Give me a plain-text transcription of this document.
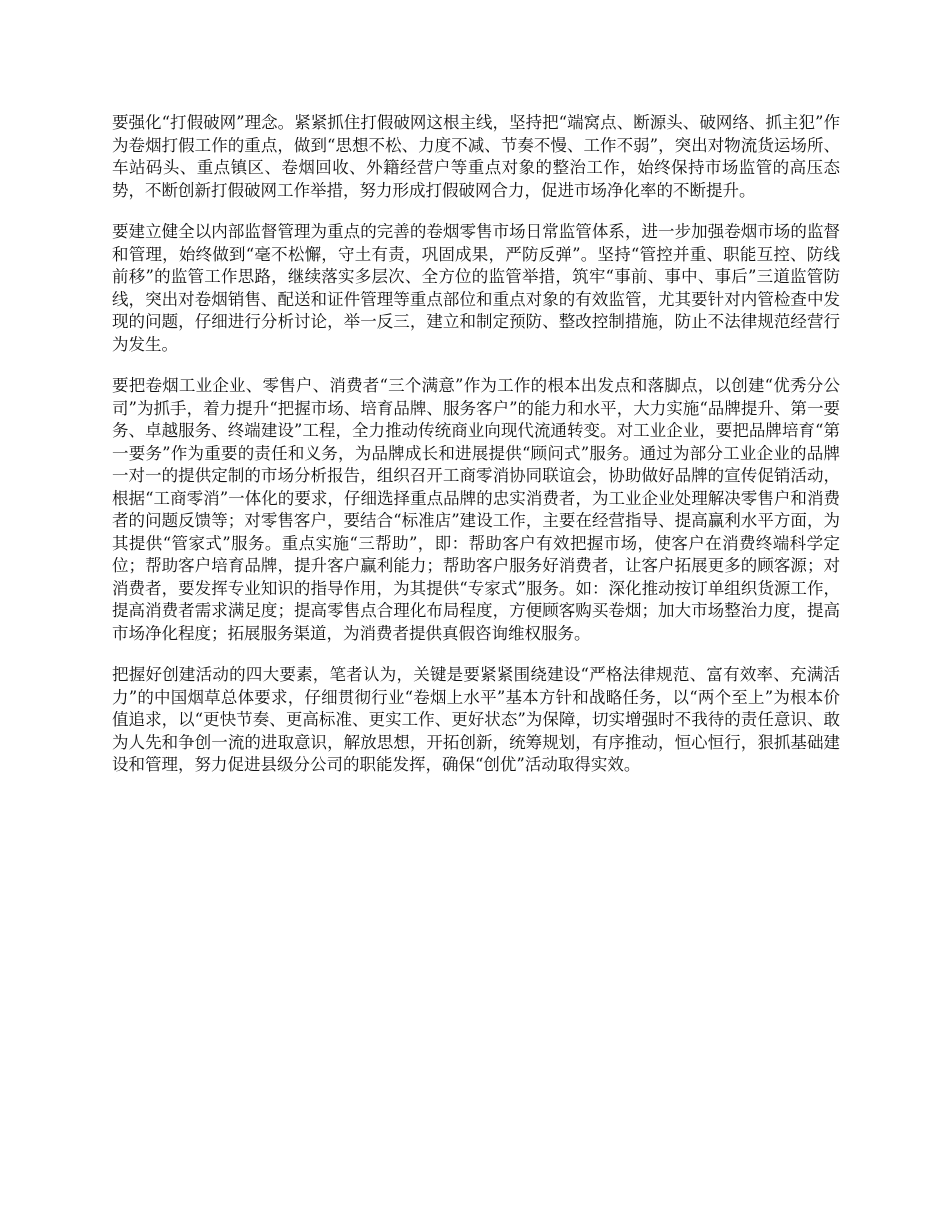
要强化“打假破网”理念。紧紧抓住打假破网这根主线，坚持把“端窝点、断源头、破网络、抓主犯”作为卷烟打假工作的重点，做到“思想不松、力度不减、节奏不慢、工作不弱”，突出对物流货运场所、车站码头、重点镇区、卷烟回收、外籍经营户等重点对象的整治工作，始终保持市场监管的高压态势，不断创新打假破网工作举措，努力形成打假破网合力，促进市场净化率的不断提升。

要建立健全以内部监督管理为重点的完善的卷烟零售市场日常监管体系，进一步加强卷烟市场的监督和管理，始终做到“毫不松懈，守土有责，巩固成果，严防反弹”。坚持“管控并重、职能互控、防线前移”的监管工作思路，继续落实多层次、全方位的监管举措，筑牢“事前、事中、事后”三道监管防线，突出对卷烟销售、配送和证件管理等重点部位和重点对象的有效监管，尤其要针对内管检查中发现的问题，仔细进行分析讨论，举一反三，建立和制定预防、整改控制措施，防止不法律规范经营行为发生。

要把卷烟工业企业、零售户、消费者“三个满意”作为工作的根本出发点和落脚点，以创建“优秀分公司”为抓手，着力提升“把握市场、培育品牌、服务客户”的能力和水平，大力实施“品牌提升、第一要务、卓越服务、终端建设”工程，全力推动传统商业向现代流通转变。对工业企业，要把品牌培育“第一要务”作为重要的责任和义务，为品牌成长和进展提供“顾问式”服务。通过为部分工业企业的品牌一对一的提供定制的市场分析报告，组织召开工商零消协同联谊会，协助做好品牌的宣传促销活动，根据“工商零消”一体化的要求，仔细选择重点品牌的忠实消费者，为工业企业处理解决零售户和消费者的问题反馈等；对零售客户，要结合“标准店”建设工作，主要在经营指导、提高赢利水平方面，为其提供“管家式”服务。重点实施“三帮助”，即：帮助客户有效把握市场，使客户在消费终端科学定位；帮助客户培育品牌，提升客户赢利能力；帮助客户服务好消费者，让客户拓展更多的顾客源；对消费者，要发挥专业知识的指导作用，为其提供“专家式”服务。如：深化推动按订单组织货源工作，提高消费者需求满足度；提高零售点合理化布局程度，方便顾客购买卷烟；加大市场整治力度，提高市场净化程度；拓展服务渠道，为消费者提供真假咨询维权服务。

把握好创建活动的四大要素，笔者认为，关键是要紧紧围绕建设“严格法律规范、富有效率、充满活力”的中国烟草总体要求，仔细贯彻行业“卷烟上水平”基本方针和战略任务，以“两个至上”为根本价值追求，以“更快节奏、更高标准、更实工作、更好状态”为保障，切实增强时不我待的责任意识、敢为人先和争创一流的进取意识，解放思想，开拓创新，统筹规划，有序推动，恒心恒行，狠抓基础建设和管理，努力促进县级分公司的职能发挥，确保“创优”活动取得实效。
